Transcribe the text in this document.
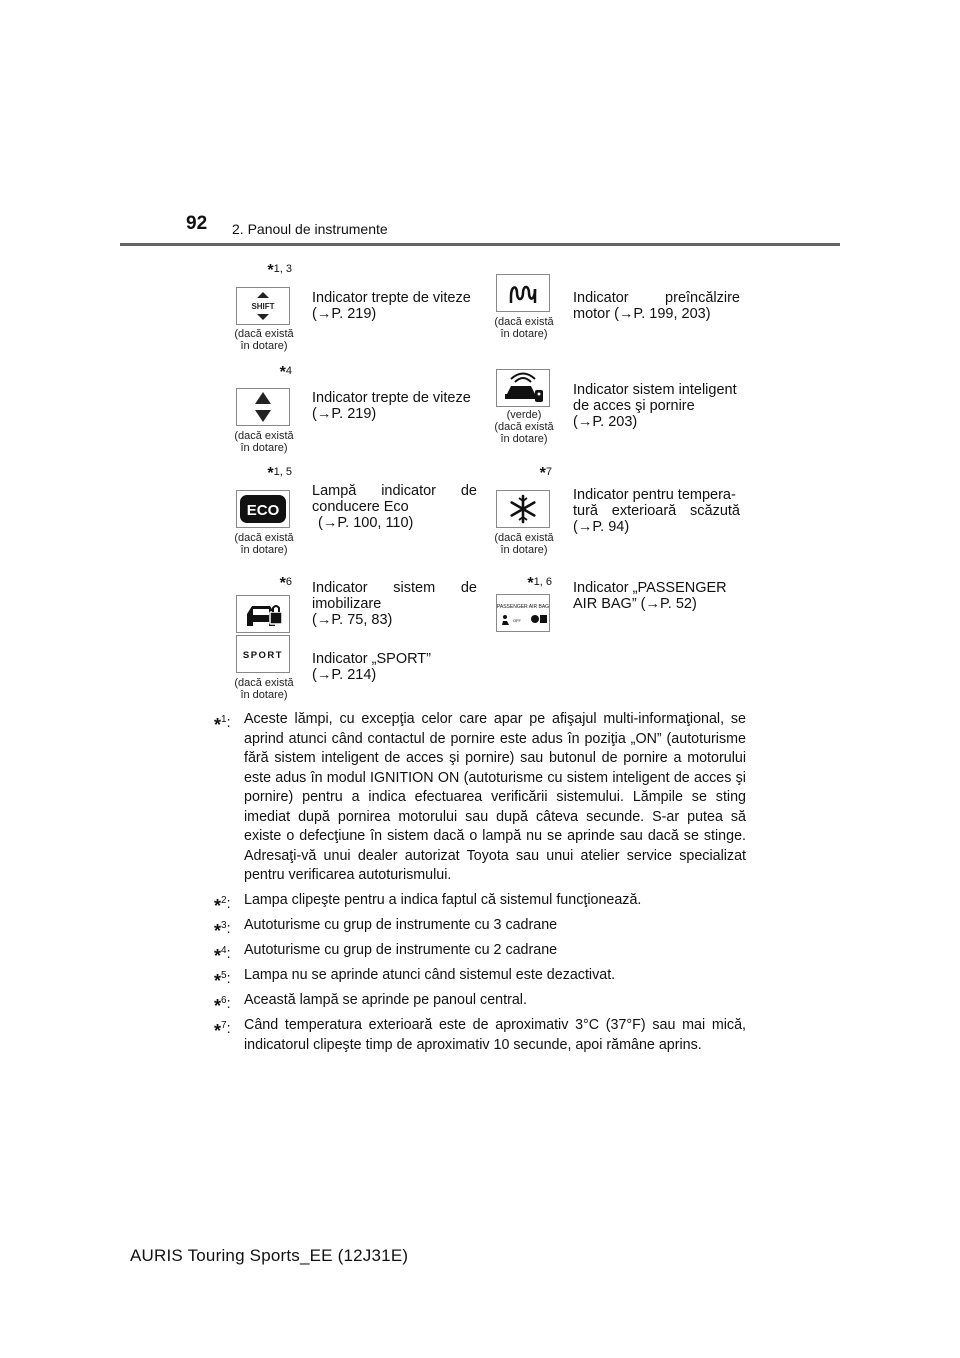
92 2. Panoul de instrumente
*1, 3
SHIFT
(dacă există
în dotare)
Indicator trepte de viteze
(→P. 219)	(dacă există
în dotare)
Indicator preîncălzire
motor (→P. 199, 203)
*4
(dacă există
în dotare)
Indicator trepte de viteze
(→P. 219)	(verde)
(dacă există
în dotare)
Indicator sistem inteligent
de acces şi pornire
(→P. 203)
*1, 5
ECO
(dacă există
în dotare)
Lampă indicator de
conducere Eco
(→P. 100, 110)
*7
(dacă există
în dotare)
Indicator pentru tempera-
tură exterioară scăzută
(→P. 94)
*6 Indicator sistem de
imobilizare
(→P. 75, 83)
SPORT
(dacă există
în dotare)
Indicator „SPORT”
(→P. 214)
*1, 6
PASSENGER AIR BAG
OFF
Indicator „PASSENGER
AIR BAG” (→P. 52)
*$^1$: Aceste lămpi, cu excepţia celor care apar pe afişajul multi-informaţional, se aprind atunci când contactul de pornire este adus în poziţia „ON” (autoturisme fără sistem inteligent de acces şi pornire) sau butonul de pornire a motorului este adus în modul IGNITION ON (autoturisme cu sistem inteligent de acces şi pornire) pentru a indica efectuarea verificării sistemului. Lămpile se sting imediat după pornirea motorului sau după câteva secunde. S-ar putea să existe o defecţiune în sistem dacă o lampă nu se aprinde sau dacă se stinge. Adresaţi-vă unui dealer autorizat Toyota sau unui atelier service specializat pentru verificarea autoturismului.

*$^2$: Lampa clipeşte pentru a indica faptul că sistemul funcţionează.

*$^3$: Autoturisme cu grup de instrumente cu 3 cadrane

*$^4$: Autoturisme cu grup de instrumente cu 2 cadrane

*$^5$: Lampa nu se aprinde atunci când sistemul este dezactivat.

*$^6$: Această lampă se aprinde pe panoul central.

*$^7$: Când temperatura exterioară este de aproximativ 3°C (37°F) sau mai mică, indicatorul clipeşte timp de aproximativ 10 secunde, apoi rămâne aprins.

AURIS Touring Sports_EE (12J31E)
